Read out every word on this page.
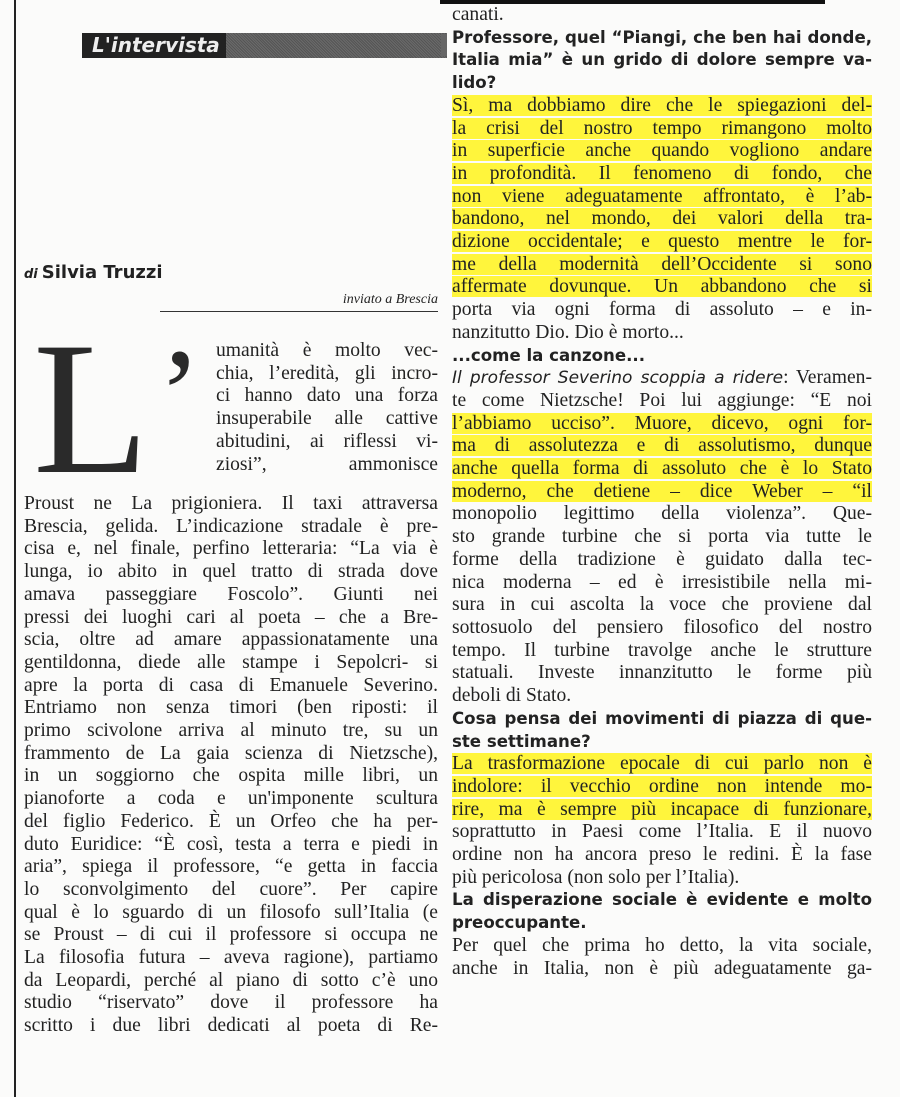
L'intervista
di Silvia Truzzi
inviato a Brescia
L ’ umanità è molto vec-
chia, l’eredità, gli incro-
ci hanno dato una forza
insuperabile alle cattive
abitudini, ai riflessi vi-
ziosi”, ammonisce
Proust ne La prigioniera. Il taxi attraversa
Brescia, gelida. L’indicazione stradale è pre-
cisa e, nel finale, perfino letteraria: “La via è
lunga, io abito in quel tratto di strada dove
amava passeggiare Foscolo”. Giunti nei
pressi dei luoghi cari al poeta – che a Bre-
scia, oltre ad amare appassionatamente una
gentildonna, diede alle stampe i Sepolcri- si
apre la porta di casa di Emanuele Severino.
Entriamo non senza timori (ben riposti: il
primo scivolone arriva al minuto tre, su un
frammento de La gaia scienza di Nietzsche),
in un soggiorno che ospita mille libri, un
pianoforte a coda e un'imponente scultura
del figlio Federico. È un Orfeo che ha per-
duto Euridice: “È così, testa a terra e piedi in
aria”, spiega il professore, “e getta in faccia
lo sconvolgimento del cuore”. Per capire
qual è lo sguardo di un filosofo sull’Italia (e
se Proust – di cui il professore si occupa ne
La filosofia futura – aveva ragione), partiamo
da Leopardi, perché al piano di sotto c’è uno
studio “riservato” dove il professore ha
scritto i due libri dedicati al poeta di Re-
canati.
Professore, quel “Piangi, che ben hai donde,
Italia mia” è un grido di dolore sempre va-
lido?
Sì, ma dobbiamo dire che le spiegazioni del-
la crisi del nostro tempo rimangono molto
in superficie anche quando vogliono andare
in profondità. Il fenomeno di fondo, che
non viene adeguatamente affrontato, è l’ab-
bandono, nel mondo, dei valori della tra-
dizione occidentale; e questo mentre le for-
me della modernità dell’Occidente si sono
affermate dovunque. Un abbandono che si
porta via ogni forma di assoluto – e in-
nanzitutto Dio. Dio è morto...
...come la canzone...
Il professor Severino scoppia a ridere: Veramen-
te come Nietzsche! Poi lui aggiunge: “E noi
l’abbiamo ucciso”. Muore, dicevo, ogni for-
ma di assolutezza e di assolutismo, dunque
anche quella forma di assoluto che è lo Stato
moderno, che detiene – dice Weber – “il
monopolio legittimo della violenza”. Que-
sto grande turbine che si porta via tutte le
forme della tradizione è guidato dalla tec-
nica moderna – ed è irresistibile nella mi-
sura in cui ascolta la voce che proviene dal
sottosuolo del pensiero filosofico del nostro
tempo. Il turbine travolge anche le strutture
statuali. Investe innanzitutto le forme più
deboli di Stato.
Cosa pensa dei movimenti di piazza di que-
ste settimane?
La trasformazione epocale di cui parlo non è
indolore: il vecchio ordine non intende mo-
rire, ma è sempre più incapace di funzionare,
soprattutto in Paesi come l’Italia. E il nuovo
ordine non ha ancora preso le redini. È la fase
più pericolosa (non solo per l’Italia).
La disperazione sociale è evidente e molto
preoccupante.
Per quel che prima ho detto, la vita sociale,
anche in Italia, non è più adeguatamente ga-
